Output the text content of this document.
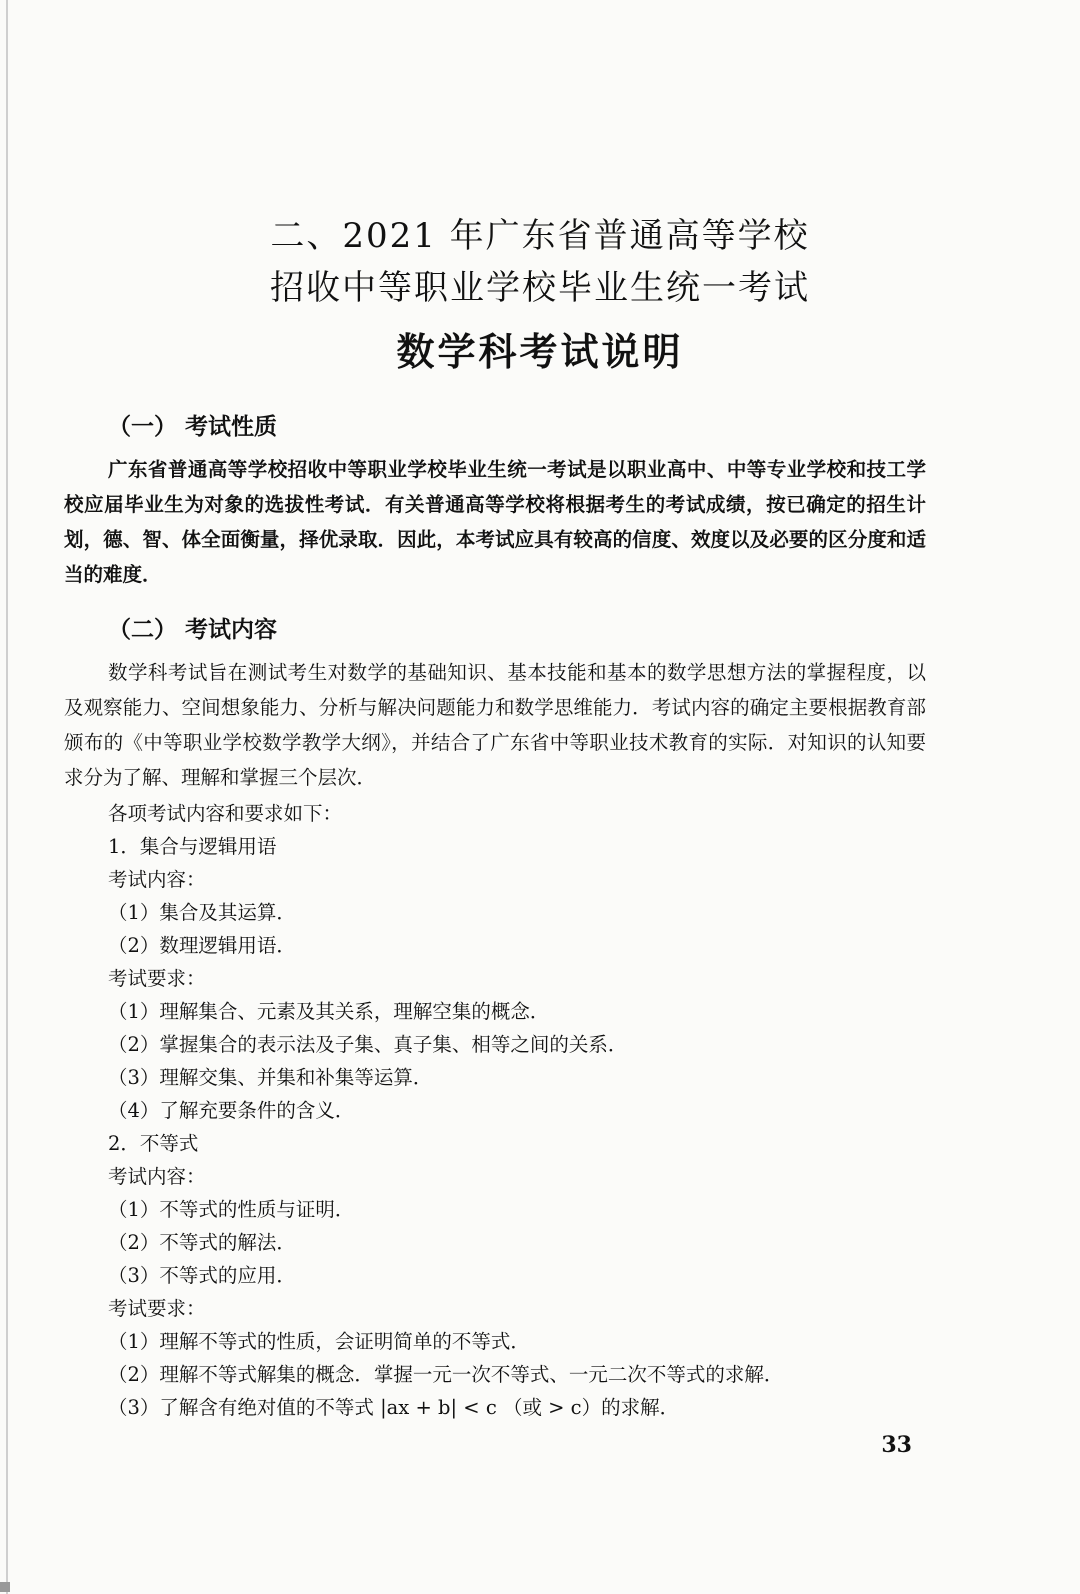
二、2021 年广东省普通高等学校
招收中等职业学校毕业生统一考试
数学科考试说明
（一） 考试性质
广东省普通高等学校招收中等职业学校毕业生统一考试是以职业高中、中等专业学校和技工学校应届毕业生为对象的选拔性考试．有关普通高等学校将根据考生的考试成绩，按已确定的招生计划，德、智、体全面衡量，择优录取．因此，本考试应具有较高的信度、效度以及必要的区分度和适当的难度．
（二） 考试内容
数学科考试旨在测试考生对数学的基础知识、基本技能和基本的数学思想方法的掌握程度，以及观察能力、空间想象能力、分析与解决问题能力和数学思维能力．考试内容的确定主要根据教育部颁布的《中等职业学校数学教学大纲》，并结合了广东省中等职业技术教育的实际．对知识的认知要求分为了解、理解和掌握三个层次．
各项考试内容和要求如下：
1．集合与逻辑用语
考试内容：
（1）集合及其运算．
（2）数理逻辑用语．
考试要求：
（1）理解集合、元素及其关系，理解空集的概念．
（2）掌握集合的表示法及子集、真子集、相等之间的关系．
（3）理解交集、并集和补集等运算．
（4）了解充要条件的含义．
2．不等式
考试内容：
（1）不等式的性质与证明．
（2）不等式的解法．
（3）不等式的应用．
考试要求：
（1）理解不等式的性质，会证明简单的不等式．
（2）理解不等式解集的概念．掌握一元一次不等式、一元二次不等式的求解．
（3）了解含有绝对值的不等式 |ax + b| < c （或 > c）的求解．
33
